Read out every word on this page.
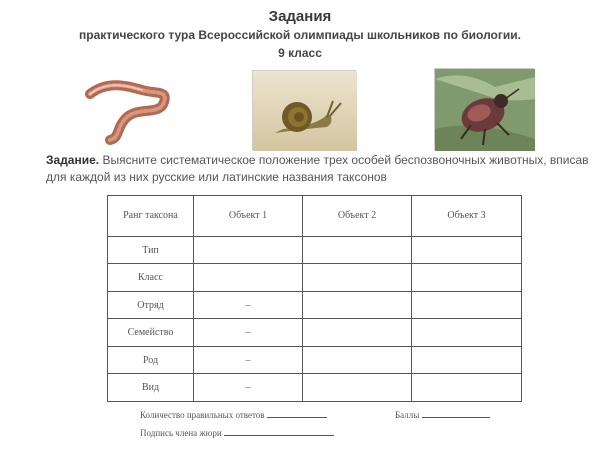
Задания
практического тура Всероссийской олимпиады школьников по биологии.
9 класс
Задание. Выясните систематическое положение трех особей беспозвоночных животных, вписав для каждой из них русские или латинские названия таксонов
Ранг таксона	Объект 1	Объект 2	Объект 3
Тип			
Класс			
Отряд	–		
Семейство	–		
Род	–		
Вид	–		
Количество правильных ответов	Баллы
Подпись члена жюри
